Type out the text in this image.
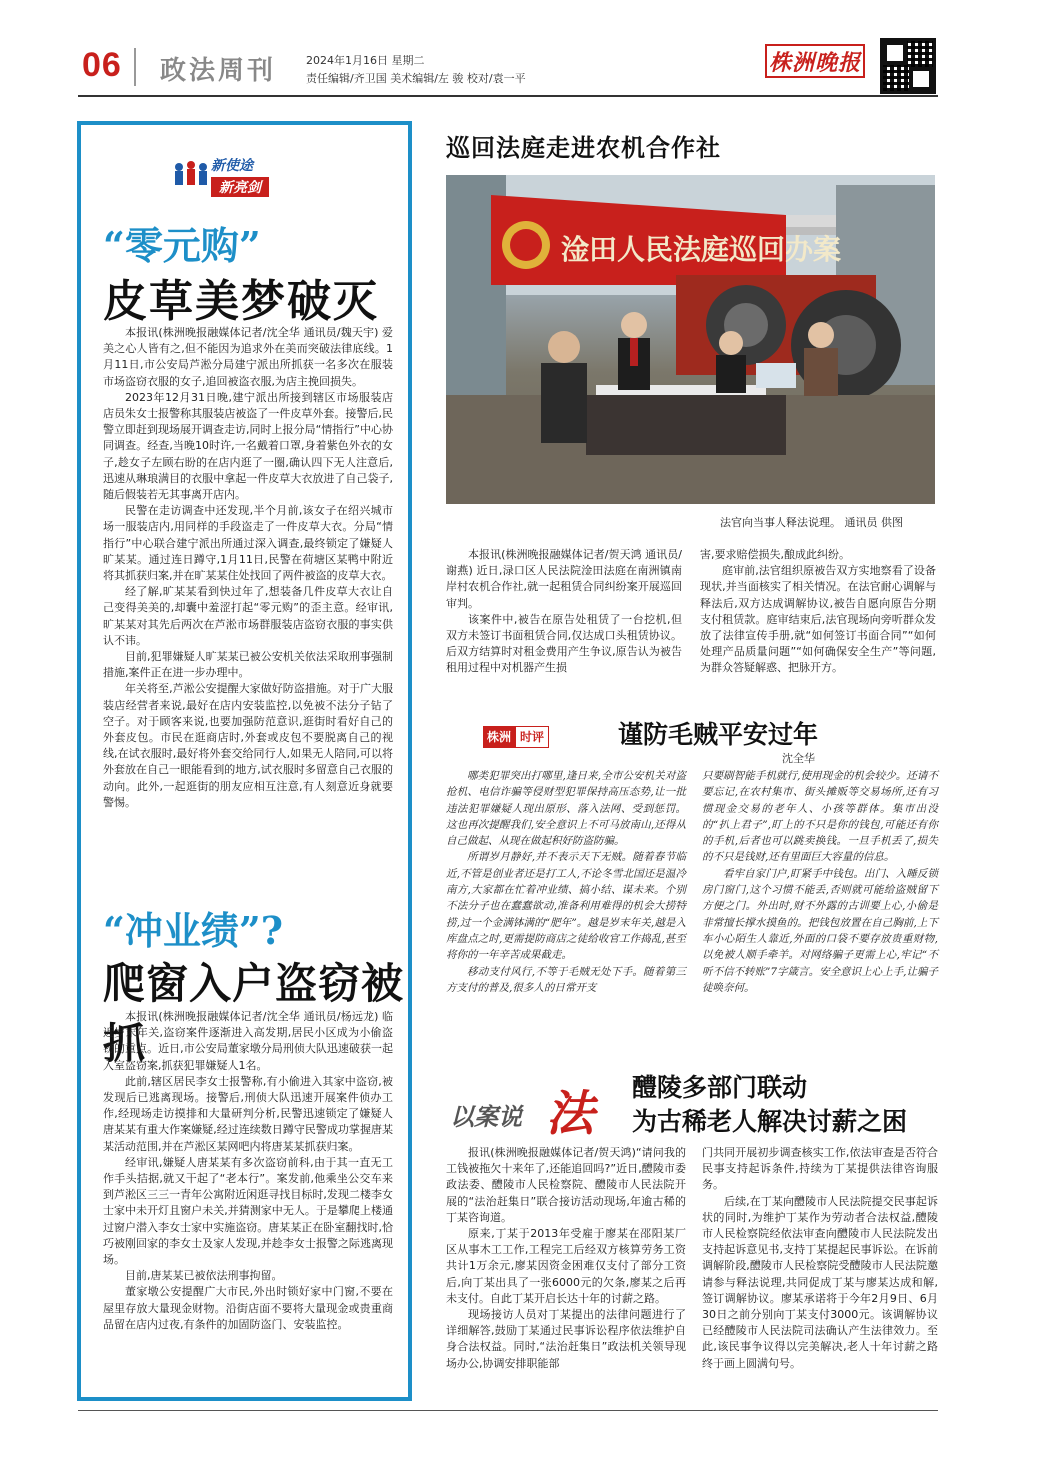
06 政法周刊	2024年1月16日 星期二
责任编辑/齐卫国 美术编辑/左 骏 校对/袁一平
株洲晚报
新使途
新亮剑
“零元购”
皮草美梦破灭

本报讯(株洲晚报融媒体记者/沈全华 通讯员/魏天宇) 爱美之心人皆有之,但不能因为追求外在美而突破法律底线。1月11日,市公安局芦淞分局建宁派出所抓获一名多次在服装市场盗窃衣服的女子,追回被盗衣服,为店主挽回损失。

2023年12月31日晚,建宁派出所接到辖区市场服装店店员朱女士报警称其服装店被盗了一件皮草外套。接警后,民警立即赶到现场展开调查走访,同时上报分局“情指行”中心协同调查。经查,当晚10时许,一名戴着口罩,身着紫色外衣的女子,趁女子左顾右盼的在店内逛了一圈,确认四下无人注意后,迅速从琳琅满目的衣服中拿起一件皮草大衣放进了自己袋子,随后假装若无其事离开店内。

民警在走访调查中还发现,半个月前,该女子在绍兴城市场一服装店内,用同样的手段盗走了一件皮草大衣。分局“情指行”中心联合建宁派出所通过深入调查,最终锁定了嫌疑人旷某某。通过连日蹲守,1月11日,民警在荷塘区某鸭中附近将其抓获归案,并在旷某某住处找回了两件被盗的皮草大衣。

经了解,旷某某看到快过年了,想装备几件皮草大衣让自己变得美美的,却囊中羞涩打起“零元购”的歪主意。经审讯,旷某某对其先后两次在芦淞市场群服装店盗窃衣服的事实供认不讳。

目前,犯罪嫌疑人旷某某已被公安机关依法采取刑事强制措施,案件正在进一步办理中。

年关将至,芦淞公安提醒大家做好防盗措施。对于广大服装店经营者来说,最好在店内安装监控,以免被不法分子钻了空子。对于顾客来说,也要加强防范意识,逛街时看好自己的外套皮包。市民在逛商店时,外套或皮包不要脱离自己的视线,在试衣服时,最好将外套交给同行人,如果无人陪同,可以将外套放在自己一眼能看到的地方,试衣服时多留意自己衣服的动向。此外,一起逛街的朋友应相互注意,有人刻意近身就要警惕。

“冲业绩”?
爬窗入户盗窃被抓

本报讯(株洲晚报融媒体记者/沈全华 通讯员/杨远龙) 临近岁末年关,盗窃案件逐渐进入高发期,居民小区成为小偷盗窃的重点。近日,市公安局董家墩分局刑侦大队迅速破获一起入室盗窃案,抓获犯罪嫌疑人1名。

此前,辖区居民李女士报警称,有小偷进入其家中盗窃,被发现后已逃离现场。接警后,刑侦大队迅速开展案件侦办工作,经现场走访摸排和大量研判分析,民警迅速锁定了嫌疑人唐某某有重大作案嫌疑,经过连续数日蹲守民警成功掌握唐某某活动范围,并在芦淞区某网吧内将唐某某抓获归案。

经审讯,嫌疑人唐某某有多次盗窃前科,由于其一直无工作手头拮据,就又干起了“老本行”。案发前,他乘坐公交车来到芦淞区三三一青年公寓附近闲逛寻找目标时,发现二楼李女士家中未开灯且窗户未关,并猜测家中无人。于是攀爬上楼通过窗户潜入李女士家中实施盗窃。唐某某正在卧室翻找时,恰巧被刚回家的李女士及家人发现,并趁李女士报警之际逃离现场。

目前,唐某某已被依法刑事拘留。

董家墩公安提醒广大市民,外出时锁好家中门窗,不要在屋里存放大量现金财物。沿街店面不要将大量现金或贵重商品留在店内过夜,有条件的加固防盗门、安装监控。

巡回法庭走进农机合作社
淦田人民法庭巡回办案
法官向当事人释法说理。 通讯员 供图

本报讯(株洲晚报融媒体记者/贺天鸿 通讯员/谢燕) 近日,渌口区人民法院淦田法庭在南洲镇南岸村农机合作社,就一起租赁合同纠纷案开展巡回审判。

该案件中,被告在原告处租赁了一台挖机,但双方未签订书面租赁合同,仅达成口头租赁协议。后双方结算时对租金费用产生争议,原告认为被告租用过程中对机器产生损

害,要求赔偿损失,酿成此纠纷。

庭审前,法官组织原被告双方实地察看了设备现状,并当面核实了相关情况。在法官耐心调解与释法后,双方达成调解协议,被告自愿向原告分期支付租赁款。庭审结束后,法官现场向旁听群众发放了法律宣传手册,就“如何签订书面合同”“如何处理产品质量问题”“如何确保安全生产”等问题,为群众答疑解惑、把脉开方。

株洲 时评	谨防毛贼平安过年
沈全华

哪类犯罪突出打哪里,逢日来,全市公安机关对盗抢机、电信诈骗等侵财型犯罪保持高压态势,让一批违法犯罪嫌疑人现出原形、落入法网、受到惩罚。这也再次提醒我们,安全意识上不可马放南山,还得从自己做起、从现在做起积好防盗防骗。

所谓岁月静好,并不表示天下无贼。随着春节临近,不管是创业者还是打工人,不论冬雪北国还是温冷南方,大家都在忙着冲业绩、搞小结、谋未来。个别不法分子也在蠢蠢欲动,准备利用难得的机会大捞特捞,过一个金满钵满的“肥年”。越是岁末年关,越是入库盘点之时,更需提防商店之徒给收官工作捣乱,甚至将你的一年辛苦成果截走。

移动支付风行,不等于毛贼无处下手。随着第三方支付的普及,很多人的日常开支

只要刷智能手机就行,使用现金的机会较少。还请不要忘记,在农村集市、街头摊贩等交易场所,还有习惯现金交易的老年人、小孩等群体。集市出没的“扒上君子”,盯上的不只是你的钱包,可能还有你的手机,后者也可以跳卖换钱。一旦手机丢了,损失的不只是钱财,还有里面巨大容量的信息。

看牢自家门户,盯紧手中钱包。出门、入睡反锁房门窗门,这个习惯不能丢,否则就可能给盗贼留下方便之门。外出时,财不外露的古训要上心,小偷是非常擅长撑水摸鱼的。把钱包放置在自己胸前,上下车小心陌生人靠近,外面的口袋不要存放贵重财物,以免被人顺手牵羊。对网络骗子更需上心,牢记“不听不信不转账”7字箴言。安全意识上心上手,让骗子徒唤奈何。

以案说 法 醴陵多部门联动
为古稀老人解决讨薪之困

报讯(株洲晚报融媒体记者/贺天鸿)“请问我的工钱被拖欠十来年了,还能追回吗?”近日,醴陵市委政法委、醴陵市人民检察院、醴陵市人民法院开展的“法治赶集日”联合接访活动现场,年逾古稀的丁某咨询道。

原来,丁某于2013年受雇于廖某在邵阳某厂区从事木工工作,工程完工后经双方核算劳务工资共计1万余元,廖某因资金困难仅支付了部分工资后,向丁某出具了一张6000元的欠条,廖某之后再未支付。自此丁某开启长达十年的讨薪之路。

现场接访人员对丁某提出的法律问题进行了详细解答,鼓励丁某通过民事诉讼程序依法维护自身合法权益。同时,“法治赶集日”政法机关领导现场办公,协调安排职能部

门共同开展初步调查核实工作,依法审查是否符合民事支持起诉条件,持续为丁某提供法律咨询服务。

后续,在丁某向醴陵市人民法院提交民事起诉状的同时,为维护丁某作为劳动者合法权益,醴陵市人民检察院经依法审查向醴陵市人民法院发出支持起诉意见书,支持丁某提起民事诉讼。在诉前调解阶段,醴陵市人民检察院受醴陵市人民法院邀请参与释法说理,共同促成丁某与廖某达成和解,签订调解协议。廖某承诺将于今年2月9日、6月30日之前分别向丁某支付3000元。该调解协议已经醴陵市人民法院司法确认产生法律效力。至此,该民事争议得以完美解决,老人十年讨薪之路终于画上圆满句号。
